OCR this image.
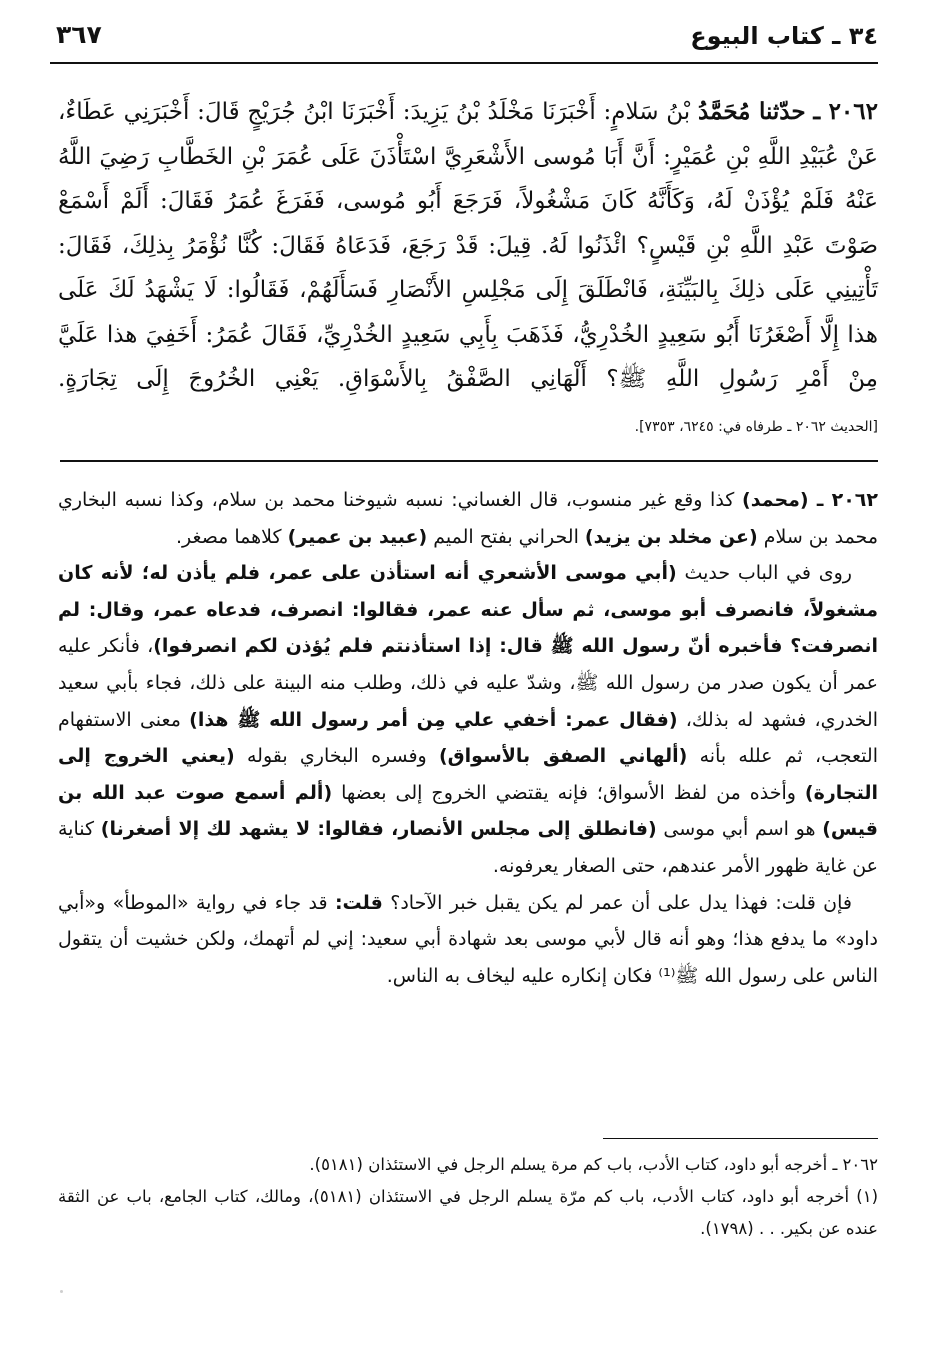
٣٤ ـ كتاب البيوع
٣٦٧

٢٠٦٢ ـ حدّثنا مُحَمَّدُ بْنُ سَلامٍ: أَخْبَرَنَا مَخْلَدُ بْنُ يَزِيدَ: أَخْبَرَنَا ابْنُ جُرَيْجٍ قَالَ: أَخْبَرَنِي عَطَاءٌ، عَنْ عُبَيْدِ اللَّهِ بْنِ عُمَيْرٍ: أَنَّ أَبَا مُوسى الأَشْعَرِيَّ اسْتَأْذَنَ عَلَى عُمَرَ بْنِ الخَطَّابِ رَضِيَ اللَّهُ عَنْهُ فَلَمْ يُؤْذَنْ لَهُ، وَكَأَنَّهُ كَانَ مَشْغُولاً، فَرَجَعَ أَبُو مُوسى، فَفَرَغَ عُمَرُ فَقَالَ: أَلَمْ أَسْمَعْ صَوْتَ عَبْدِ اللَّهِ بْنِ قَيْسٍ؟ ائْذَنُوا لَهُ. قِيلَ: قَدْ رَجَعَ، فَدَعَاهُ فَقَالَ: كُنَّا نُؤْمَرُ بِذلِكَ، فَقَالَ: تَأْتِينِي عَلَى ذلِكَ بِالبَيِّنَةِ، فَانْطَلَقَ إِلَى مَجْلِسِ الأَنْصَارِ فَسَأَلَهُمْ، فَقَالُوا: لَا يَشْهَدُ لَكَ عَلَى هذا إِلَّا أَصْغَرُنَا أَبُو سَعِيدٍ الخُدْرِيُّ، فَذَهَبَ بِأَبِي سَعِيدٍ الخُدْرِيِّ، فَقَالَ عُمَرُ: أَخَفِيَ هذا عَلَيَّ مِنْ أَمْرِ رَسُولِ اللَّهِ ﷺ؟ أَلْهَانِي الصَّفْقُ بِالأَسْوَاقِ. يَعْنِي الخُرُوجَ إِلَى تِجَارَةٍ. [الحديث ٢٠٦٢ ـ طرفاه في: ٦٢٤٥، ٧٣٥٣].

٢٠٦٢ ـ (محمد) كذا وقع غير منسوب، قال الغساني: نسبه شيوخنا محمد بن سلام، وكذا نسبه البخاري محمد بن سلام (عن مخلد بن يزيد) الحراني بفتح الميم (عبيد بن عمير) كلاهما مصغر.

روى في الباب حديث (أبي موسى الأشعري أنه استأذن على عمر، فلم يأذن له؛ لأنه كان مشغولاً، فانصرف أبو موسى، ثم سأل عنه عمر، فقالوا: انصرف، فدعاه عمر، وقال: لم انصرفت؟ فأخبره أنّ رسول الله ﷺ قال: إذا استأذنتم فلم يُؤذن لكم انصرفوا)، فأنكر عليه عمر أن يكون صدر من رسول الله ﷺ، وشدّ عليه في ذلك، وطلب منه البينة على ذلك، فجاء بأبي سعيد الخدري، فشهد له بذلك، (فقال عمر: أخفي علي مِن أمر رسول الله ﷺ هذا) معنى الاستفهام التعجب، ثم علله بأنه (ألهاني الصفق بالأسواق) وفسره البخاري بقوله (يعني الخروج إلى التجارة) وأخذه من لفظ الأسواق؛ فإنه يقتضي الخروج إلى بعضها (ألم أسمع صوت عبد الله بن قيس) هو اسم أبي موسى (فانطلق إلى مجلس الأنصار، فقالوا: لا يشهد لك إلا أصغرنا) كناية عن غاية ظهور الأمر عندهم، حتى الصغار يعرفونه.

فإن قلت: فهذا يدل على أن عمر لم يكن يقبل خبر الآحاد؟ قلت: قد جاء في رواية «الموطأ» و«أبي داود» ما يدفع هذا؛ وهو أنه قال لأبي موسى بعد شهادة أبي سعيد: إني لم أتهمك، ولكن خشيت أن يتقول الناس على رسول الله ﷺ⁽¹⁾ فكان إنكاره عليه ليخاف به الناس.

٢٠٦٢ ـ أخرجه أبو داود، كتاب الأدب، باب كم مرة يسلم الرجل في الاستئذان (٥١٨١).

(١) أخرجه أبو داود، كتاب الأدب، باب كم مرّة يسلم الرجل في الاستئذان (٥١٨١)، ومالك، كتاب الجامع، باب عن الثقة عنده عن بكير. . . (١٧٩٨).
